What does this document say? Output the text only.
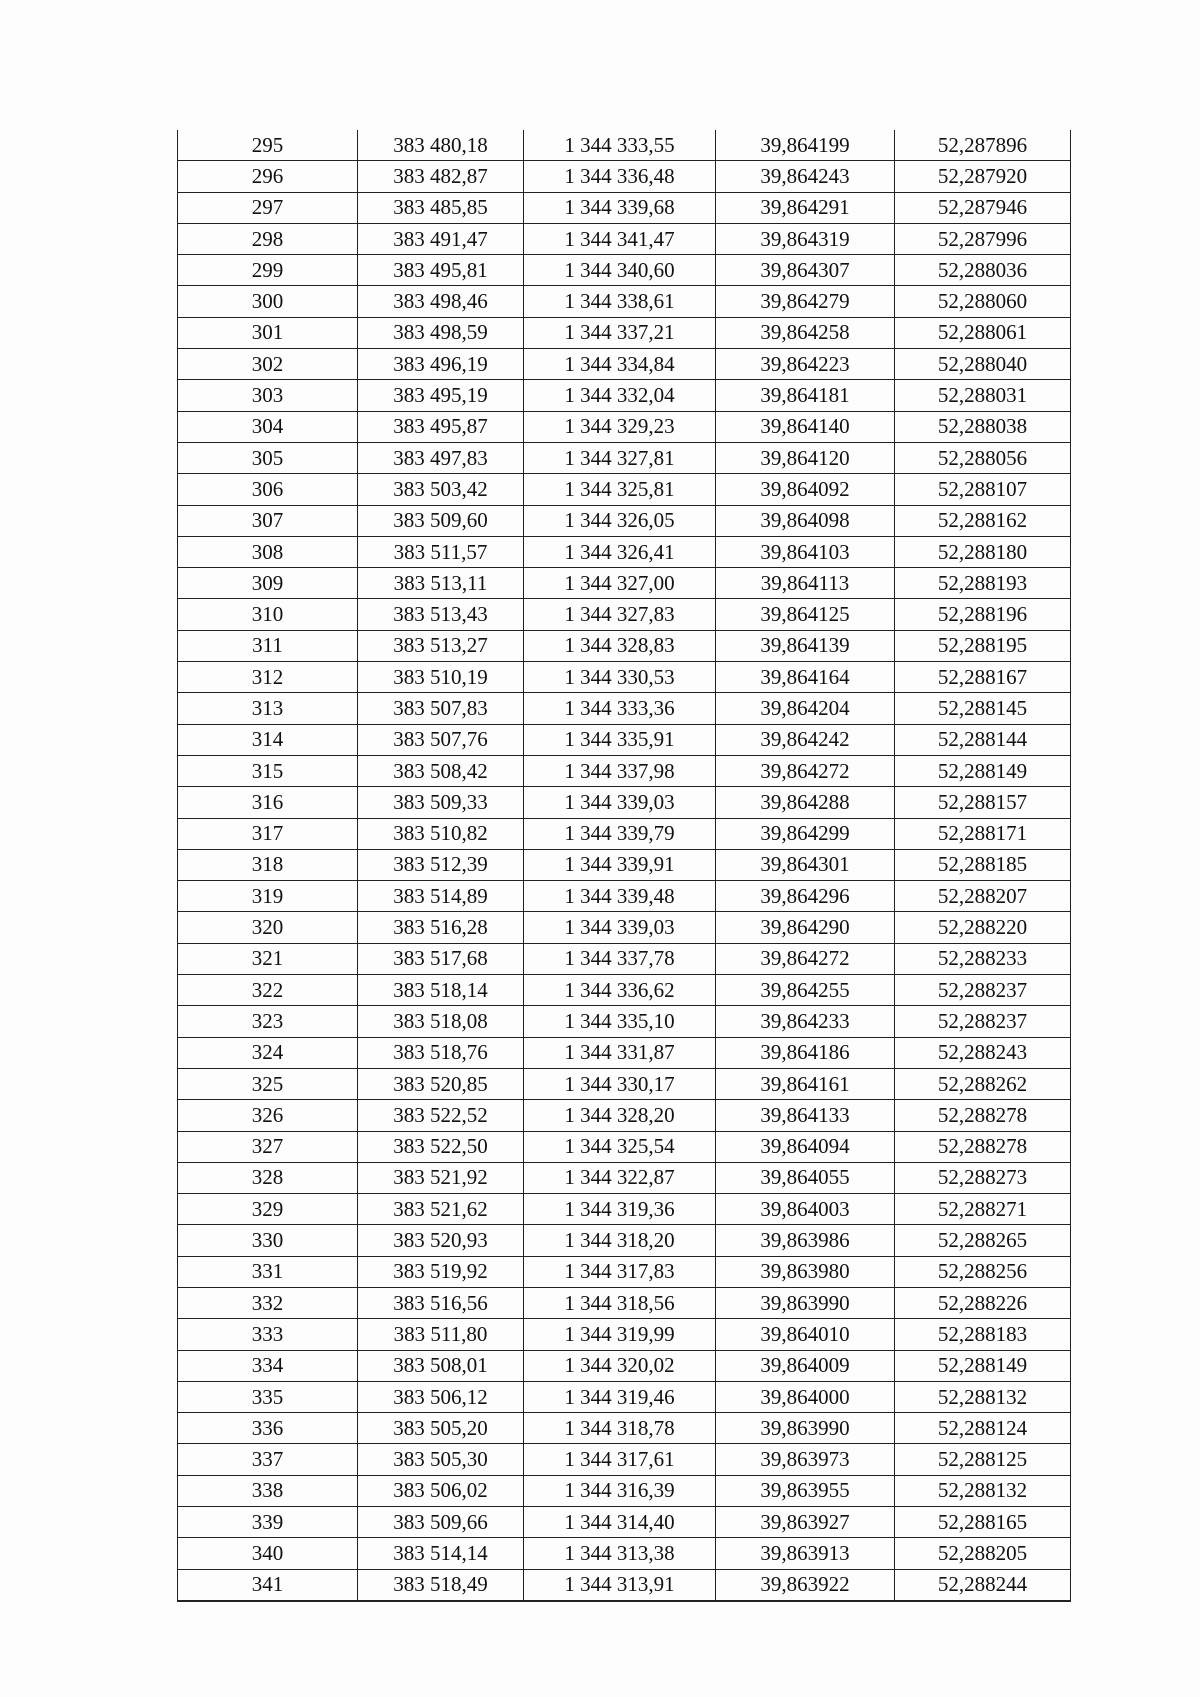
295	383 480,18	1 344 333,55	39,864199	52,287896
296	383 482,87	1 344 336,48	39,864243	52,287920
297	383 485,85	1 344 339,68	39,864291	52,287946
298	383 491,47	1 344 341,47	39,864319	52,287996
299	383 495,81	1 344 340,60	39,864307	52,288036
300	383 498,46	1 344 338,61	39,864279	52,288060
301	383 498,59	1 344 337,21	39,864258	52,288061
302	383 496,19	1 344 334,84	39,864223	52,288040
303	383 495,19	1 344 332,04	39,864181	52,288031
304	383 495,87	1 344 329,23	39,864140	52,288038
305	383 497,83	1 344 327,81	39,864120	52,288056
306	383 503,42	1 344 325,81	39,864092	52,288107
307	383 509,60	1 344 326,05	39,864098	52,288162
308	383 511,57	1 344 326,41	39,864103	52,288180
309	383 513,11	1 344 327,00	39,864113	52,288193
310	383 513,43	1 344 327,83	39,864125	52,288196
311	383 513,27	1 344 328,83	39,864139	52,288195
312	383 510,19	1 344 330,53	39,864164	52,288167
313	383 507,83	1 344 333,36	39,864204	52,288145
314	383 507,76	1 344 335,91	39,864242	52,288144
315	383 508,42	1 344 337,98	39,864272	52,288149
316	383 509,33	1 344 339,03	39,864288	52,288157
317	383 510,82	1 344 339,79	39,864299	52,288171
318	383 512,39	1 344 339,91	39,864301	52,288185
319	383 514,89	1 344 339,48	39,864296	52,288207
320	383 516,28	1 344 339,03	39,864290	52,288220
321	383 517,68	1 344 337,78	39,864272	52,288233
322	383 518,14	1 344 336,62	39,864255	52,288237
323	383 518,08	1 344 335,10	39,864233	52,288237
324	383 518,76	1 344 331,87	39,864186	52,288243
325	383 520,85	1 344 330,17	39,864161	52,288262
326	383 522,52	1 344 328,20	39,864133	52,288278
327	383 522,50	1 344 325,54	39,864094	52,288278
328	383 521,92	1 344 322,87	39,864055	52,288273
329	383 521,62	1 344 319,36	39,864003	52,288271
330	383 520,93	1 344 318,20	39,863986	52,288265
331	383 519,92	1 344 317,83	39,863980	52,288256
332	383 516,56	1 344 318,56	39,863990	52,288226
333	383 511,80	1 344 319,99	39,864010	52,288183
334	383 508,01	1 344 320,02	39,864009	52,288149
335	383 506,12	1 344 319,46	39,864000	52,288132
336	383 505,20	1 344 318,78	39,863990	52,288124
337	383 505,30	1 344 317,61	39,863973	52,288125
338	383 506,02	1 344 316,39	39,863955	52,288132
339	383 509,66	1 344 314,40	39,863927	52,288165
340	383 514,14	1 344 313,38	39,863913	52,288205
341	383 518,49	1 344 313,91	39,863922	52,288244
